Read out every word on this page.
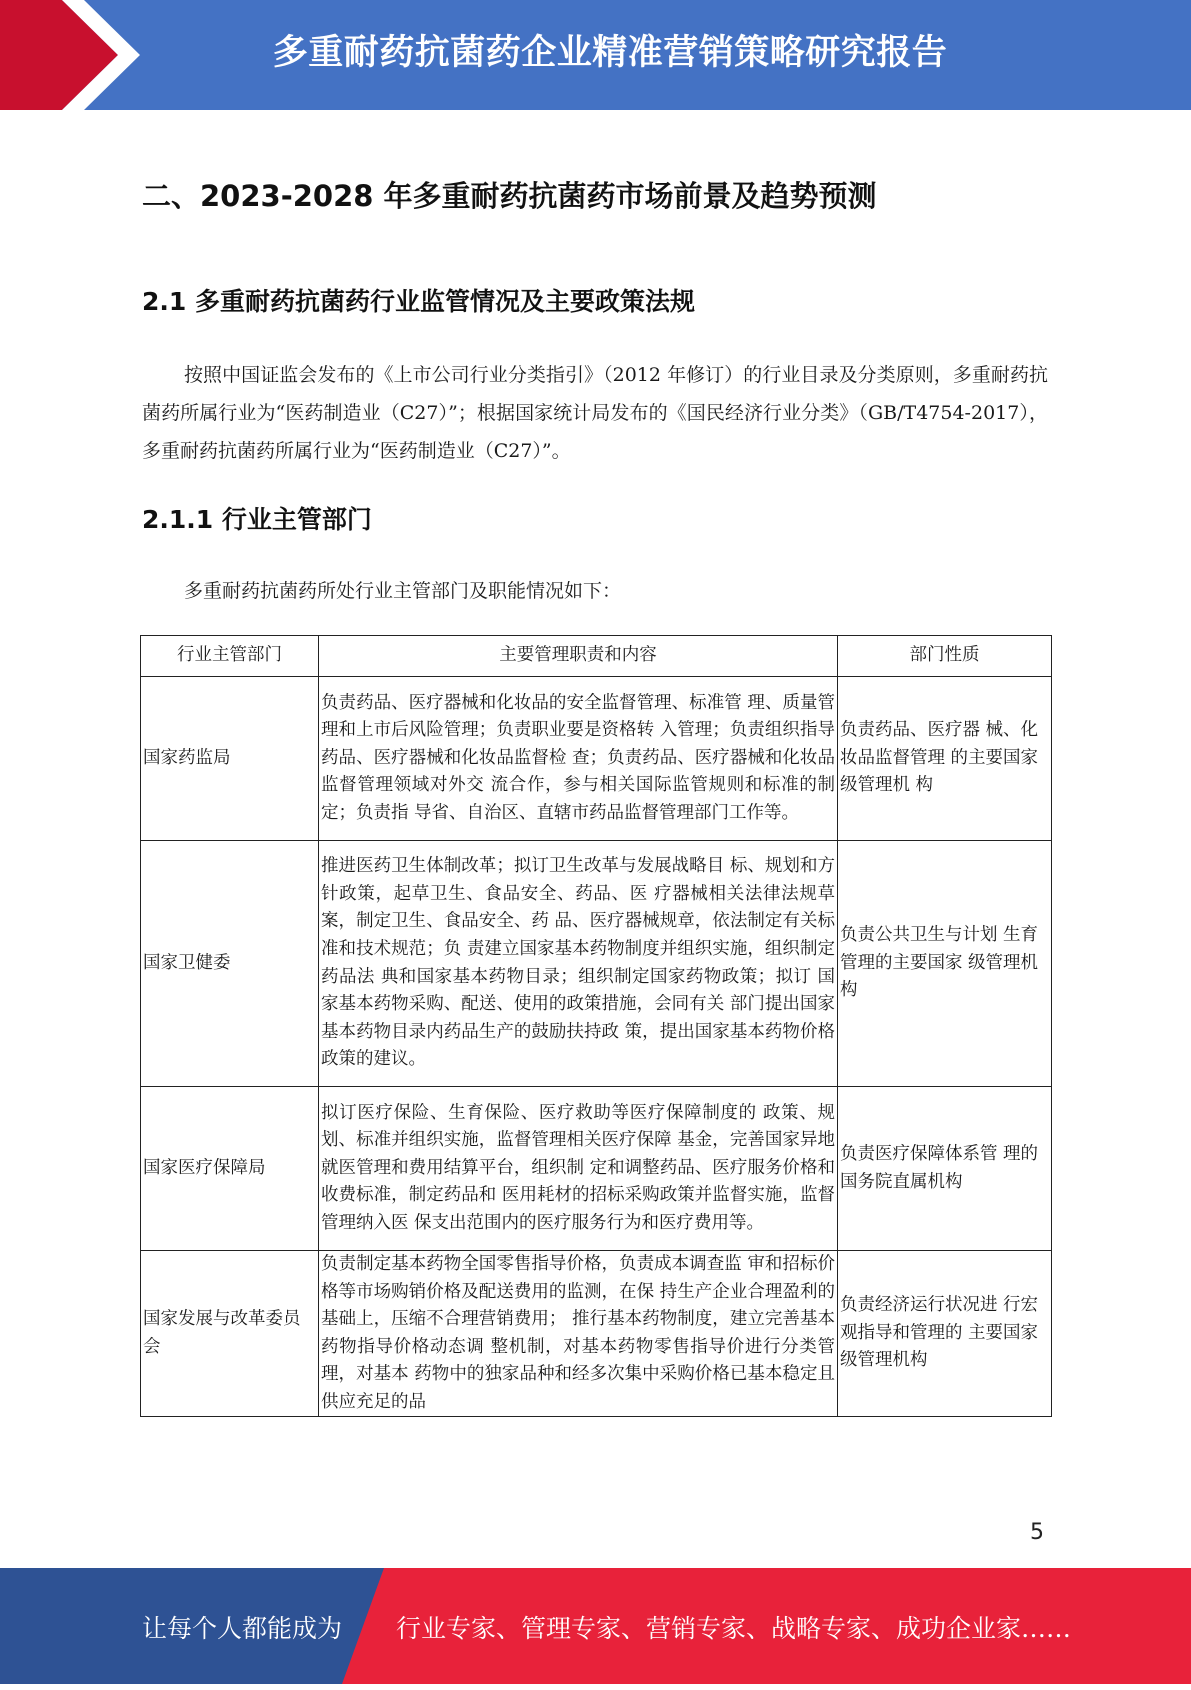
多重耐药抗菌药企业精准营销策略研究报告
二、2023-2028 年多重耐药抗菌药市场前景及趋势预测
2.1 多重耐药抗菌药行业监管情况及主要政策法规
按照中国证监会发布的《上市公司行业分类指引》（2012 年修订）的行业目录及分类原则，多重耐药抗菌药所属行业为“医药制造业（C27）”；根据国家统计局发布的《国民经济行业分类》（GB/T4754-2017），多重耐药抗菌药所属行业为“医药制造业（C27）”。
2.1.1 行业主管部门
多重耐药抗菌药所处行业主管部门及职能情况如下：
行业主管部门	主要管理职责和内容	部门性质
国家药监局	负责药品、医疗器械和化妆品的安全监督管理、标准管 理、质量管理和上市后风险管理；负责职业要是资格转 入管理；负责组织指导药品、医疗器械和化妆品监督检 查；负责药品、医疗器械和化妆品监督管理领域对外交 流合作，参与相关国际监管规则和标准的制定；负责指 导省、自治区、直辖市药品监督管理部门工作等。	负责药品、医疗器 械、化妆品监督管理 的主要国家级管理机 构
国家卫健委	推进医药卫生体制改革；拟订卫生改革与发展战略目 标、规划和方针政策，起草卫生、食品安全、药品、医 疗器械相关法律法规草案，制定卫生、食品安全、药 品、医疗器械规章，依法制定有关标准和技术规范；负 责建立国家基本药物制度并组织实施，组织制定药品法 典和国家基本药物目录；组织制定国家药物政策；拟订 国家基本药物采购、配送、使用的政策措施，会同有关 部门提出国家基本药物目录内药品生产的鼓励扶持政 策，提出国家基本药物价格政策的建议。	负责公共卫生与计划 生育管理的主要国家 级管理机构
国家医疗保障局	拟订医疗保险、生育保险、医疗救助等医疗保障制度的 政策、规划、标准并组织实施，监督管理相关医疗保障 基金，完善国家异地就医管理和费用结算平台，组织制 定和调整药品、医疗服务价格和收费标准，制定药品和 医用耗材的招标采购政策并监督实施，监督管理纳入医 保支出范围内的医疗服务行为和医疗费用等。	负责医疗保障体系管 理的国务院直属机构
国家发展与改革委员会	负责制定基本药物全国零售指导价格，负责成本调查监 审和招标价格等市场购销价格及配送费用的监测，在保 持生产企业合理盈利的基础上，压缩不合理营销费用； 推行基本药物制度，建立完善基本药物指导价格动态调 整机制，对基本药物零售指导价进行分类管理，对基本 药物中的独家品种和经多次集中采购价格已基本稳定且 供应充足的品	负责经济运行状况进 行宏观指导和管理的 主要国家级管理机构
5
让每个人都能成为 行业专家、管理专家、营销专家、战略专家、成功企业家……
